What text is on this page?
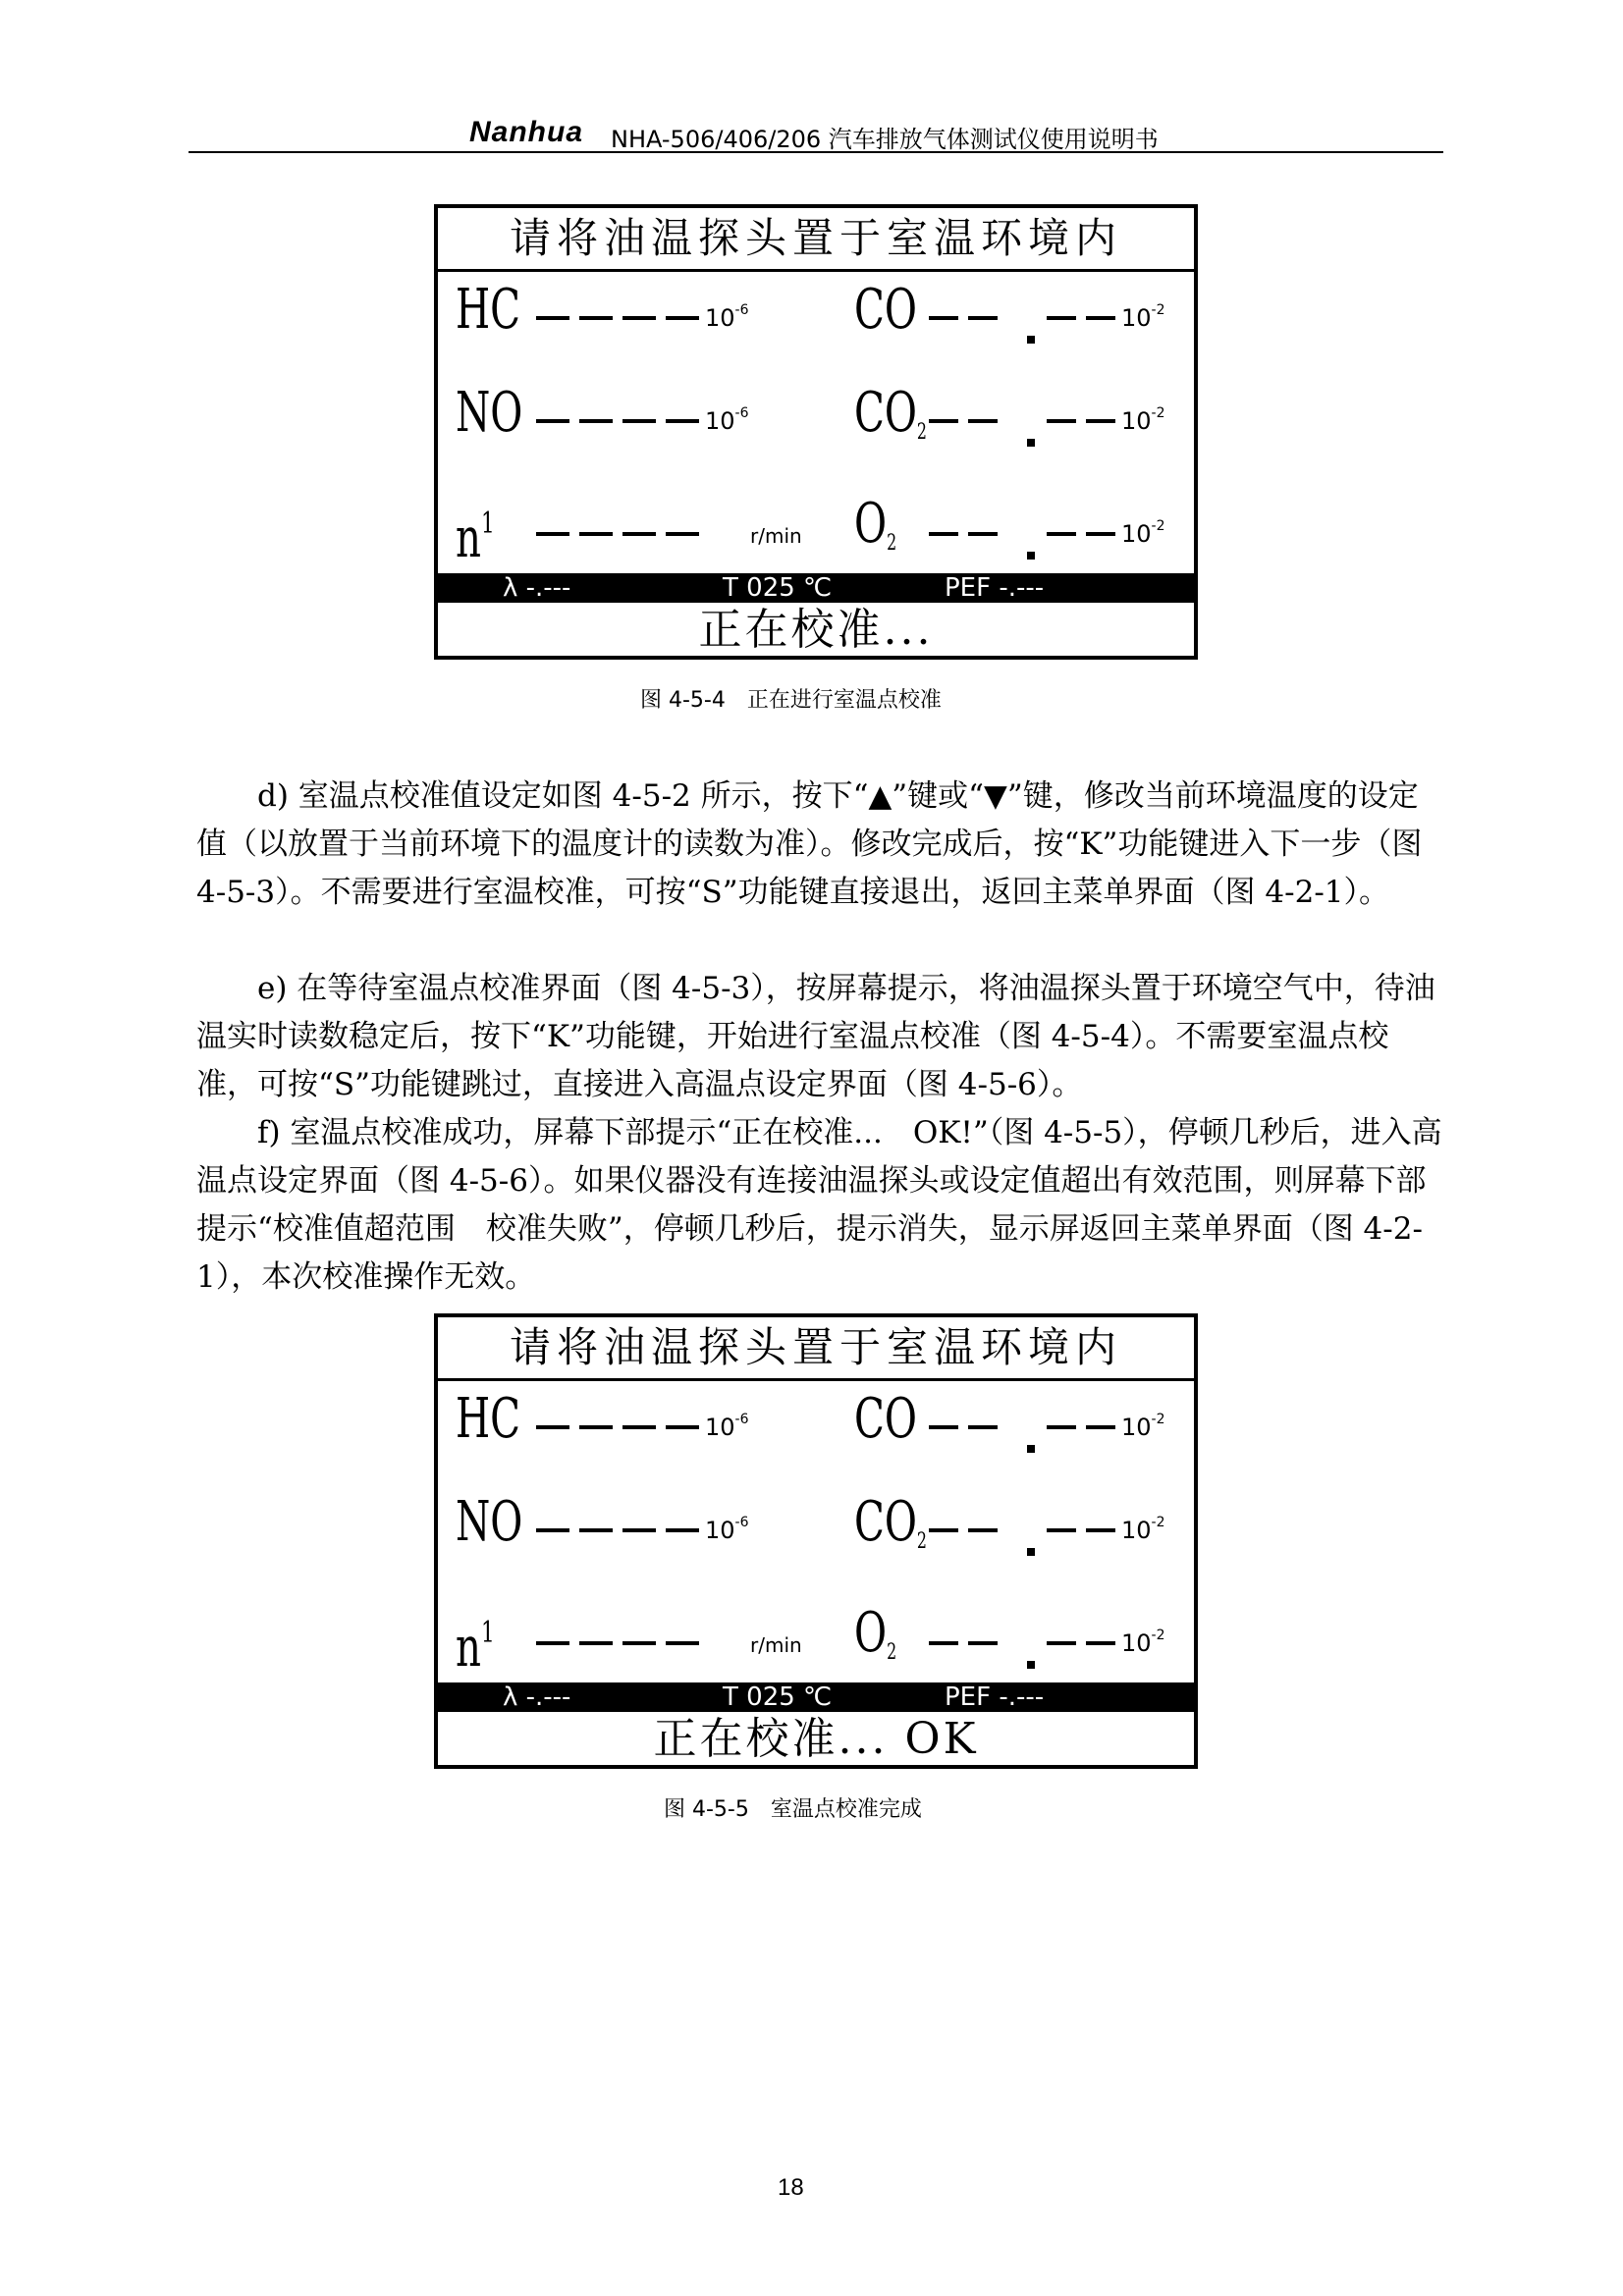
Nanhua NHA-506/406/206 汽车排放气体测试仪使用说明书
请将油温探头置于室温环境内
HC	$10^{-6}$ CO	$10^{-2}$
NO	$10^{-6}$ $CO_2$	$10^{-2}$
$n^1$	r/min $O_2$	$10^{-2}$
λ -.---	T 025 ℃	PEF -.---
正在校准...
图 4-5-4　正在进行室温点校准
d) 室温点校准值设定如图 4-5-2 所示，按下“▲”键或“▼”键，修改当前环境温度的设定值（以放置于当前环境下的温度计的读数为准）。修改完成后，按“K”功能键进入下一步（图 4-5-3）。不需要进行室温校准，可按“S”功能键直接退出，返回主菜单界面（图 4-2-1）。
e) 在等待室温点校准界面（图 4-5-3），按屏幕提示，将油温探头置于环境空气中，待油温实时读数稳定后，按下“K”功能键，开始进行室温点校准（图 4-5-4）。不需要室温点校准，可按“S”功能键跳过，直接进入高温点设定界面（图 4-5-6）。
f) 室温点校准成功，屏幕下部提示“正在校准...　OK!”（图 4-5-5），停顿几秒后，进入高温点设定界面（图 4-5-6）。如果仪器没有连接油温探头或设定值超出有效范围，则屏幕下部提示“校准值超范围　校准失败”，停顿几秒后，提示消失，显示屏返回主菜单界面（图 4-2-1），本次校准操作无效。
请将油温探头置于室温环境内
HC	$10^{-6}$ CO	$10^{-2}$
NO	$10^{-6}$ $CO_2$	$10^{-2}$
$n^1$	r/min $O_2$	$10^{-2}$
λ -.---	T 025 ℃	PEF -.---
正在校准... OK
图 4-5-5　室温点校准完成
18
